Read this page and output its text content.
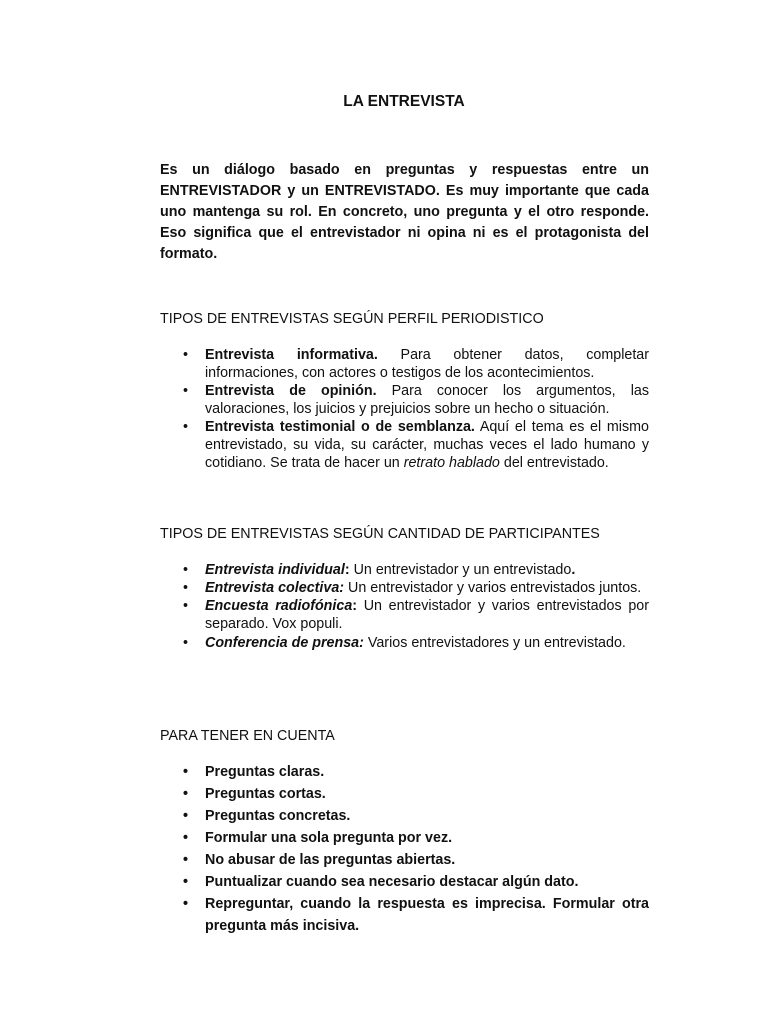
LA ENTREVISTA

Es un diálogo basado en preguntas y respuestas entre un ENTREVISTADOR y un ENTREVISTADO. Es muy importante que cada uno mantenga su rol. En concreto, uno pregunta y el otro responde. Eso significa que el entrevistador ni opina ni es el protagonista del formato.

TIPOS DE ENTREVISTAS SEGÚN PERFIL PERIODISTICO
• Entrevista informativa. Para obtener datos, completar informaciones, con actores o testigos de los acontecimientos.
• Entrevista de opinión. Para conocer los argumentos, las valoraciones, los juicios y prejuicios sobre un hecho o situación.
• Entrevista testimonial o de semblanza. Aquí el tema es el mismo entrevistado, su vida, su carácter, muchas veces el lado humano y cotidiano. Se trata de hacer un retrato hablado del entrevistado.
TIPOS DE ENTREVISTAS SEGÚN CANTIDAD DE PARTICIPANTES
• Entrevista individual: Un entrevistador y un entrevistado.
• Entrevista colectiva: Un entrevistador y varios entrevistados juntos.
• Encuesta radiofónica: Un entrevistador y varios entrevistados por separado. Vox populi.
• Conferencia de prensa: Varios entrevistadores y un entrevistado.
PARA TENER EN CUENTA
• Preguntas claras.
• Preguntas cortas.
• Preguntas concretas.
• Formular una sola pregunta por vez.
• No abusar de las preguntas abiertas.
• Puntualizar cuando sea necesario destacar algún dato.
• Repreguntar, cuando la respuesta es imprecisa. Formular otra pregunta más incisiva.
